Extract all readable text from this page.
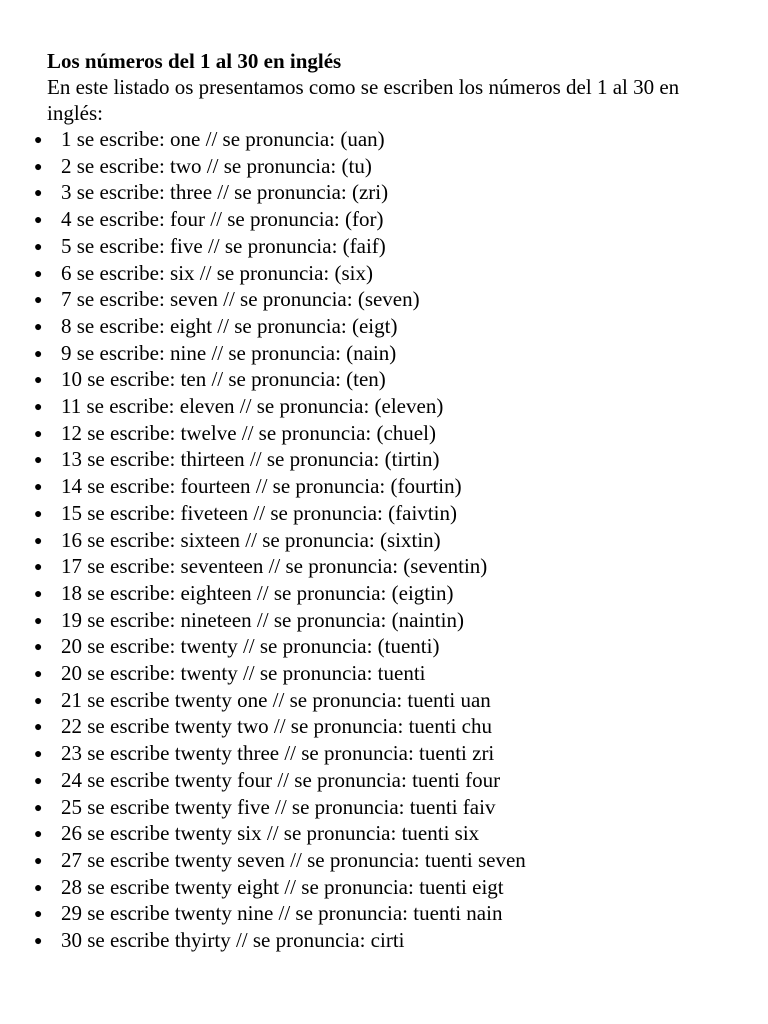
Los números del 1 al 30 en inglés
En este listado os presentamos como se escriben los números del 1 al 30 en inglés:
● 1 se escribe: one // se pronuncia: (uan)
● 2 se escribe: two // se pronuncia: (tu)
● 3 se escribe: three // se pronuncia: (zri)
● 4 se escribe: four // se pronuncia: (for)
● 5 se escribe: five // se pronuncia: (faif)
● 6 se escribe: six // se pronuncia: (six)
● 7 se escribe: seven // se pronuncia: (seven)
● 8 se escribe: eight // se pronuncia: (eigt)
● 9 se escribe: nine // se pronuncia: (nain)
● 10 se escribe: ten // se pronuncia: (ten)
● 11 se escribe: eleven // se pronuncia: (eleven)
● 12 se escribe: twelve // se pronuncia: (chuel)
● 13 se escribe: thirteen // se pronuncia: (tirtin)
● 14 se escribe: fourteen // se pronuncia: (fourtin)
● 15 se escribe: fiveteen // se pronuncia: (faivtin)
● 16 se escribe: sixteen // se pronuncia: (sixtin)
● 17 se escribe: seventeen // se pronuncia: (seventin)
● 18 se escribe: eighteen // se pronuncia: (eigtin)
● 19 se escribe: nineteen // se pronuncia: (naintin)
● 20 se escribe: twenty // se pronuncia: (tuenti)
● 20 se escribe: twenty // se pronuncia: tuenti
● 21 se escribe twenty one // se pronuncia: tuenti uan
● 22 se escribe twenty two // se pronuncia: tuenti chu
● 23 se escribe twenty three // se pronuncia: tuenti zri
● 24 se escribe twenty four // se pronuncia: tuenti four
● 25 se escribe twenty five // se pronuncia: tuenti faiv
● 26 se escribe twenty six // se pronuncia: tuenti six
● 27 se escribe twenty seven // se pronuncia: tuenti seven
● 28 se escribe twenty eight // se pronuncia: tuenti eigt
● 29 se escribe twenty nine // se pronuncia: tuenti nain
● 30 se escribe thyirty // se pronuncia: cirti
